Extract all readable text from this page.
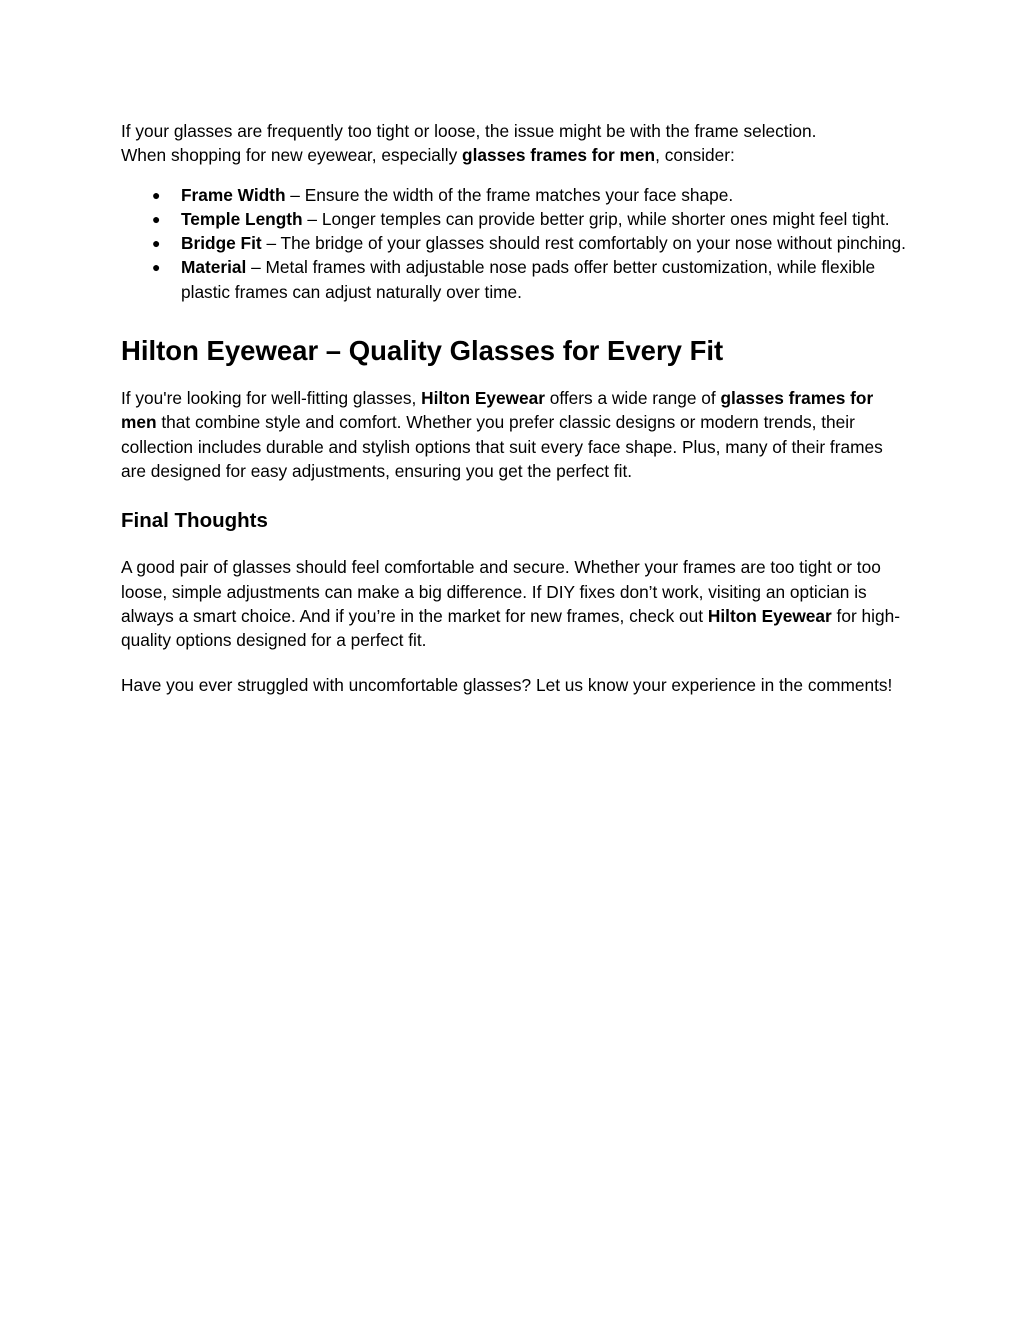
If your glasses are frequently too tight or loose, the issue might be with the frame selection.
When shopping for new eyewear, especially glasses frames for men, consider:

● Frame Width – Ensure the width of the frame matches your face shape.
● Temple Length – Longer temples can provide better grip, while shorter ones might feel tight.
● Bridge Fit – The bridge of your glasses should rest comfortably on your nose without pinching.
● Material – Metal frames with adjustable nose pads offer better customization, while flexible plastic frames can adjust naturally over time.
Hilton Eyewear – Quality Glasses for Every Fit

If you're looking for well-fitting glasses, Hilton Eyewear offers a wide range of glasses frames for men that combine style and comfort. Whether you prefer classic designs or modern trends, their collection includes durable and stylish options that suit every face shape. Plus, many of their frames are designed for easy adjustments, ensuring you get the perfect fit.

Final Thoughts

A good pair of glasses should feel comfortable and secure. Whether your frames are too tight or too loose, simple adjustments can make a big difference. If DIY fixes don’t work, visiting an optician is always a smart choice. And if you’re in the market for new frames, check out Hilton Eyewear for high-quality options designed for a perfect fit.

Have you ever struggled with uncomfortable glasses? Let us know your experience in the comments!
